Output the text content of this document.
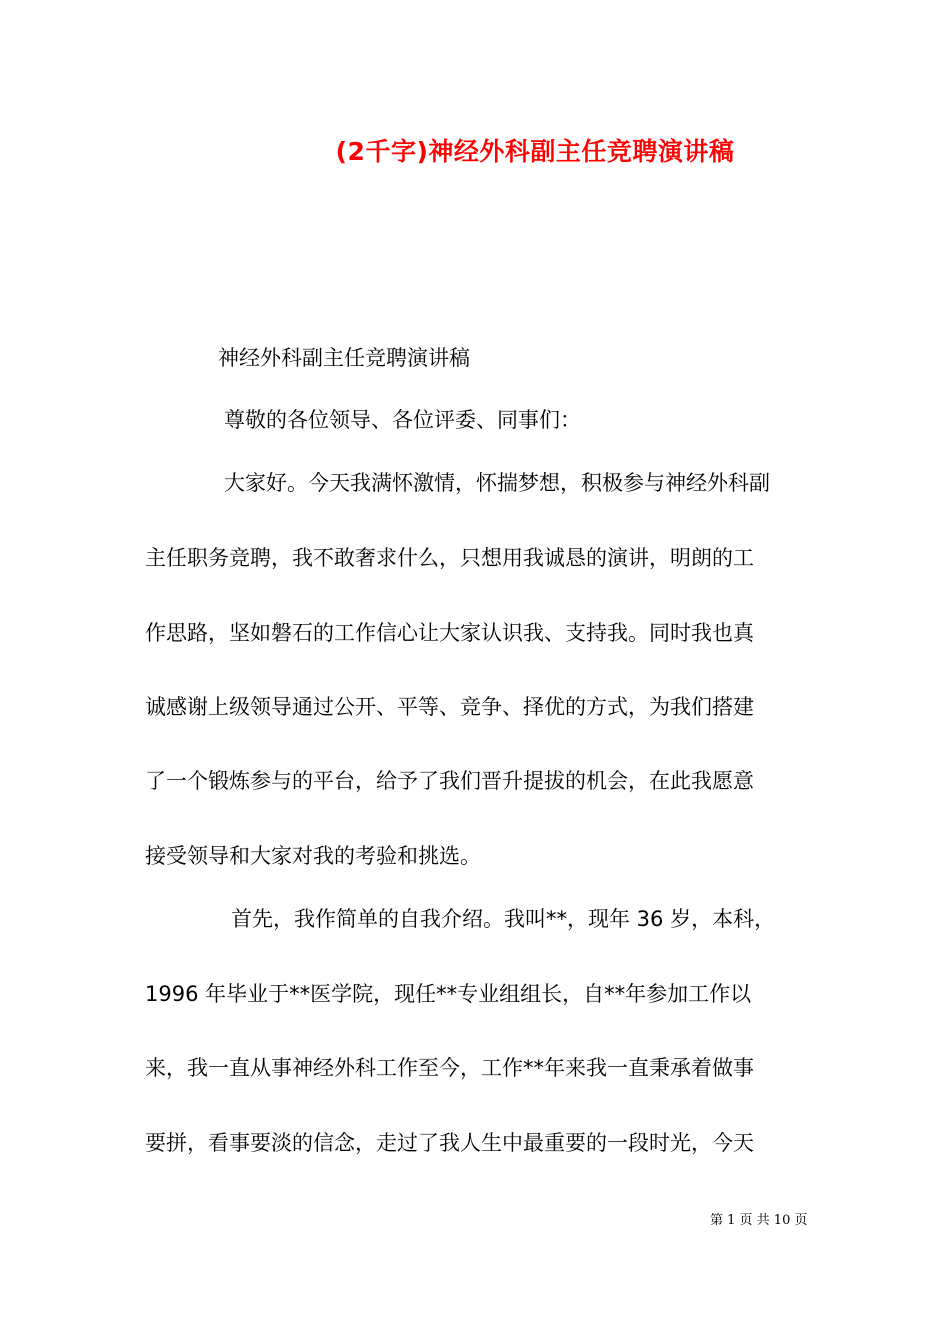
(2千字)神经外科副主任竞聘演讲稿
神经外科副主任竞聘演讲稿
尊敬的各位领导、各位评委、同事们：
大家好。今天我满怀激情，怀揣梦想，积极参与神经外科副
主任职务竞聘，我不敢奢求什么，只想用我诚恳的演讲，明朗的工
作思路，坚如磐石的工作信心让大家认识我、支持我。同时我也真
诚感谢上级领导通过公开、平等、竞争、择优的方式，为我们搭建
了一个锻炼参与的平台，给予了我们晋升提拔的机会，在此我愿意
接受领导和大家对我的考验和挑选。
首先，我作简单的自我介绍。我叫**，现年 36 岁，本科，
1996 年毕业于**医学院，现任**专业组组长，自**年参加工作以
来，我一直从事神经外科工作至今，工作**年来我一直秉承着做事
要拼，看事要淡的信念，走过了我人生中最重要的一段时光，今天
第 1 页 共 10 页
